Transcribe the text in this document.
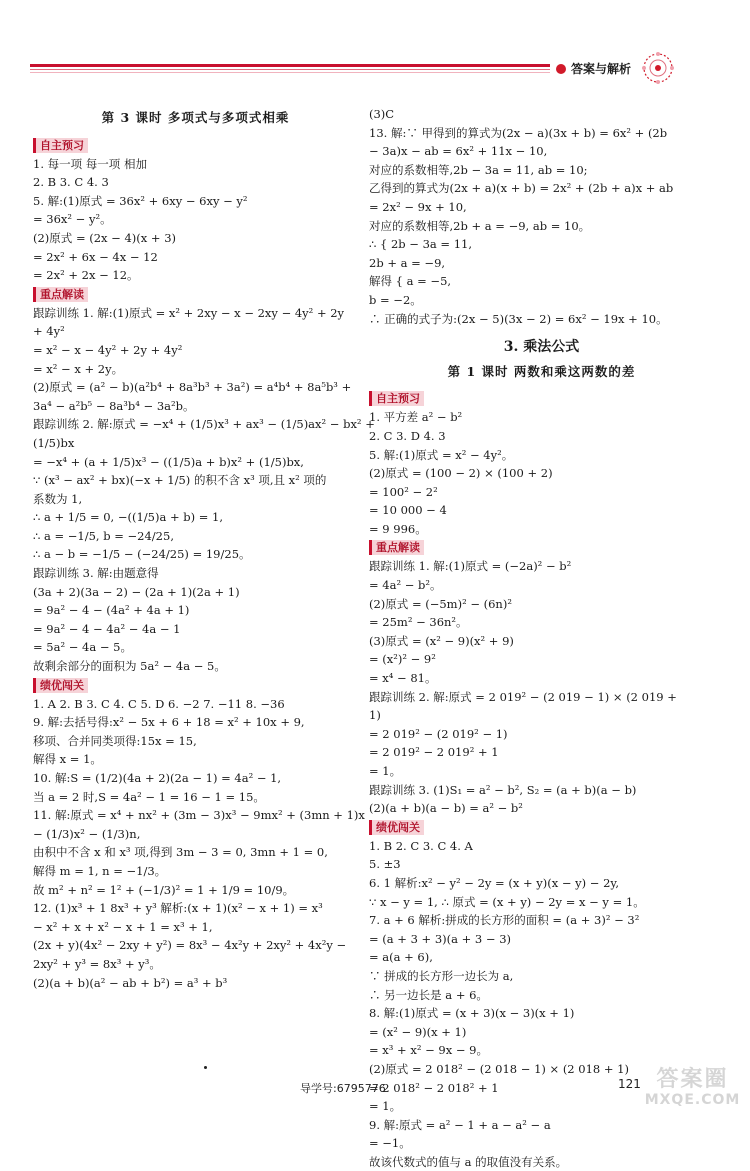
答案与解析
第 3 课时 多项式与多项式相乘
自主预习
1. 每一项 每一项 相加
2. B 3. C 4. 3
5. 解:(1)原式 = 36x² + 6xy − 6xy − y²
= 36x² − y²。
(2)原式 = (2x − 4)(x + 3)
= 2x² + 6x − 4x − 12
= 2x² + 2x − 12。
重点解读
跟踪训练 1. 解:(1)原式 = x² + 2xy − x − 2xy − 4y² + 2y
+ 4y²
= x² − x − 4y² + 2y + 4y²
= x² − x + 2y。
(2)原式 = (a² − b)(a²b⁴ + 8a³b³ + 3a²) = a⁴b⁴ + 8a⁵b³ +
3a⁴ − a²b⁵ − 8a³b⁴ − 3a²b。
跟踪训练 2. 解:原式 = −x⁴ + (1/5)x³ + ax³ − (1/5)ax² − bx² +
(1/5)bx
= −x⁴ + (a + 1/5)x³ − ((1/5)a + b)x² + (1/5)bx,
∵ (x³ − ax² + bx)(−x + 1/5) 的积不含 x³ 项,且 x² 项的
系数为 1,
∴ a + 1/5 = 0, −((1/5)a + b) = 1,
∴ a = −1/5, b = −24/25,
∴ a − b = −1/5 − (−24/25) = 19/25。
跟踪训练 3. 解:由题意得
(3a + 2)(3a − 2) − (2a + 1)(2a + 1)
= 9a² − 4 − (4a² + 4a + 1)
= 9a² − 4 − 4a² − 4a − 1
= 5a² − 4a − 5。
故剩余部分的面积为 5a² − 4a − 5。
绩优闯关
1. A 2. B 3. C 4. C 5. D 6. −2 7. −11 8. −36
9. 解:去括号得:x² − 5x + 6 + 18 = x² + 10x + 9,
移项、合并同类项得:15x = 15,
解得 x = 1。
10. 解:S = (1/2)(4a + 2)(2a − 1) = 4a² − 1,
当 a = 2 时,S = 4a² − 1 = 16 − 1 = 15。
11. 解:原式 = x⁴ + nx² + (3m − 3)x³ − 9mx² + (3mn + 1)x
− (1/3)x² − (1/3)n,
由积中不含 x 和 x³ 项,得到 3m − 3 = 0, 3mn + 1 = 0,
解得 m = 1, n = −1/3。
故 m² + n² = 1² + (−1/3)² = 1 + 1/9 = 10/9。
12. (1)x³ + 1 8x³ + y³ 解析:(x + 1)(x² − x + 1) = x³
− x² + x + x² − x + 1 = x³ + 1,
(2x + y)(4x² − 2xy + y²) = 8x³ − 4x²y + 2xy² + 4x²y −
2xy² + y³ = 8x³ + y³。
(2)(a + b)(a² − ab + b²) = a³ + b³
(3)C
13. 解:∵ 甲得到的算式为(2x − a)(3x + b) = 6x² + (2b
− 3a)x − ab = 6x² + 11x − 10,
对应的系数相等,2b − 3a = 11, ab = 10;
乙得到的算式为(2x + a)(x + b) = 2x² + (2b + a)x + ab
= 2x² − 9x + 10,
对应的系数相等,2b + a = −9, ab = 10。
∴ { 2b − 3a = 11,
2b + a = −9,
解得 { a = −5,
b = −2。
∴ 正确的式子为:(2x − 5)(3x − 2) = 6x² − 19x + 10。
3. 乘法公式
第 1 课时 两数和乘这两数的差
自主预习
1. 平方差 a² − b²
2. C 3. D 4. 3
5. 解:(1)原式 = x² − 4y²。
(2)原式 = (100 − 2) × (100 + 2)
= 100² − 2²
= 10 000 − 4
= 9 996。
重点解读
跟踪训练 1. 解:(1)原式 = (−2a)² − b²
= 4a² − b²。
(2)原式 = (−5m)² − (6n)²
= 25m² − 36n²。
(3)原式 = (x² − 9)(x² + 9)
= (x²)² − 9²
= x⁴ − 81。
跟踪训练 2. 解:原式 = 2 019² − (2 019 − 1) × (2 019 +
1)
= 2 019² − (2 019² − 1)
= 2 019² − 2 019² + 1
= 1。
跟踪训练 3. (1)S₁ = a² − b², S₂ = (a + b)(a − b)
(2)(a + b)(a − b) = a² − b²
绩优闯关
1. B 2. C 3. C 4. A
5. ±3
6. 1 解析:x² − y² − 2y = (x + y)(x − y) − 2y,
∵ x − y = 1, ∴ 原式 = (x + y) − 2y = x − y = 1。
7. a + 6 解析:拼成的长方形的面积 = (a + 3)² − 3²
= (a + 3 + 3)(a + 3 − 3)
= a(a + 6),
∵ 拼成的长方形一边长为 a,
∴ 另一边长是 a + 6。
8. 解:(1)原式 = (x + 3)(x − 3)(x + 1)
= (x² − 9)(x + 1)
= x³ + x² − 9x − 9。
(2)原式 = 2 018² − (2 018 − 1) × (2 018 + 1)
= 2 018² − 2 018² + 1
= 1。
9. 解:原式 = a² − 1 + a − a² − a
= −1。
故该代数式的值与 a 的取值没有关系。
导学号:6795776	121 答案圈
MXQE.COM
